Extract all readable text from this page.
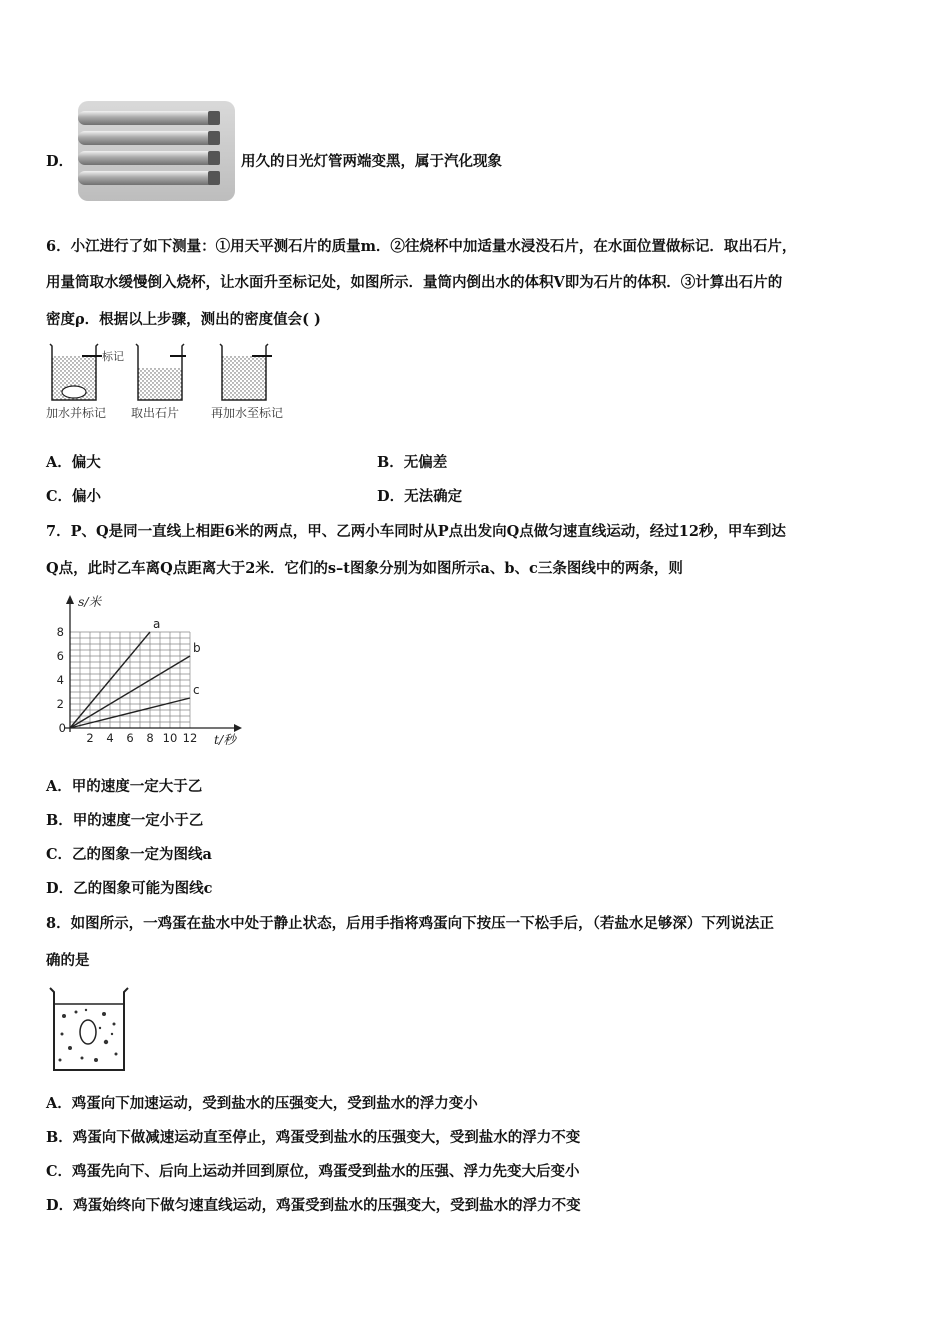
D．	用久的日光灯管两端变黑，属于汽化现象
6．小江进行了如下测量：①用天平测石片的质量m．②往烧杯中加适量水浸没石片，在水面位置做标记．取出石片，
用量筒取水缓慢倒入烧杯，让水面升至标记处，如图所示．量筒内倒出水的体积V即为石片的体积．③计算出石片的
密度ρ．根据以上步骤，测出的密度值会( )
标记
加水并标记 取出石片	再加水至标记
A．偏大	B．无偏差
C．偏小	D．无法确定
7．P、Q是同一直线上相距6米的两点，甲、乙两小车同时从P点出发向Q点做匀速直线运动，经过12秒，甲车到达
Q点，此时乙车离Q点距离大于2米．它们的s–t图象分别为如图所示a、b、c三条图线中的两条，则
a
b
c
2 4 6 8 10 12
2
4
6
8
0
s/米
t/秒
A．甲的速度一定大于乙
B．甲的速度一定小于乙
C．乙的图象一定为图线a
D．乙的图象可能为图线c
8．如图所示，一鸡蛋在盐水中处于静止状态，后用手指将鸡蛋向下按压一下松手后，（若盐水足够深）下列说法正
确的是
A．鸡蛋向下加速运动，受到盐水的压强变大，受到盐水的浮力变小
B．鸡蛋向下做减速运动直至停止，鸡蛋受到盐水的压强变大，受到盐水的浮力不变
C．鸡蛋先向下、后向上运动并回到原位，鸡蛋受到盐水的压强、浮力先变大后变小
D．鸡蛋始终向下做匀速直线运动，鸡蛋受到盐水的压强变大，受到盐水的浮力不变
